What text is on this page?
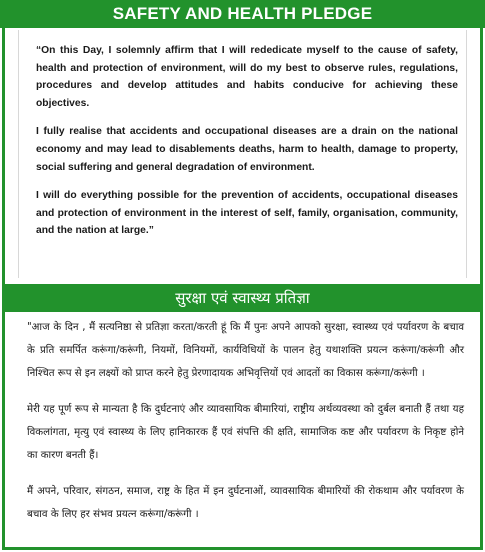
SAFETY AND HEALTH PLEDGE

“On this Day, I solemnly affirm that I will rededicate myself to the cause of safety, health and protection of environment, will do my best to observe rules, regulations, procedures and develop attitudes and habits conducive for achieving these objectives.

I fully realise that accidents and occupational diseases are a drain on the national economy and may lead to disablements deaths, harm to health, damage to property, social suffering and general degradation of environment.

I will do everything possible for the prevention of accidents, occupational diseases and protection of environment in the interest of self, family, organisation, community, and the nation at large.”

सुरक्षा एवं स्वास्थ्य प्रतिज्ञा

"आज के दिन , मैं सत्यनिष्ठा से प्रतिज्ञा करता/करती हूं कि मैं पुनः अपने आपको सुरक्षा, स्वास्थ्य एवं पर्यावरण के बचाव के प्रति समर्पित करूंगा/करूंगी, नियमों, विनियमों, कार्यविधियों के पालन हेतु यथाशक्ति प्रयत्न करूंगा/करूंगी और निश्चित रूप से इन लक्ष्यों को प्राप्त करने हेतु प्रेरणादायक अभिवृत्तियों एवं आदतों का विकास करूंगा/करूंगी ।

मेरी यह पूर्ण रूप से मान्यता है कि दुर्घटनाएं और व्यावसायिक बीमारियां, राष्ट्रीय अर्थव्यवस्था को दुर्बल बनाती हैं तथा यह विकलांगता, मृत्यु एवं स्वास्थ्य के लिए हानिकारक हैं एवं संपत्ति की क्षति, सामाजिक कष्ट और पर्यावरण के निकृष्ट होने का कारण बनती हैं।

मैं अपने, परिवार, संगठन, समाज, राष्ट्र के हित में इन दुर्घटनाओं, व्यावसायिक बीमारियों की रोकथाम और पर्यावरण के बचाव के लिए हर संभव प्रयत्न करूंगा/करूंगी ।
